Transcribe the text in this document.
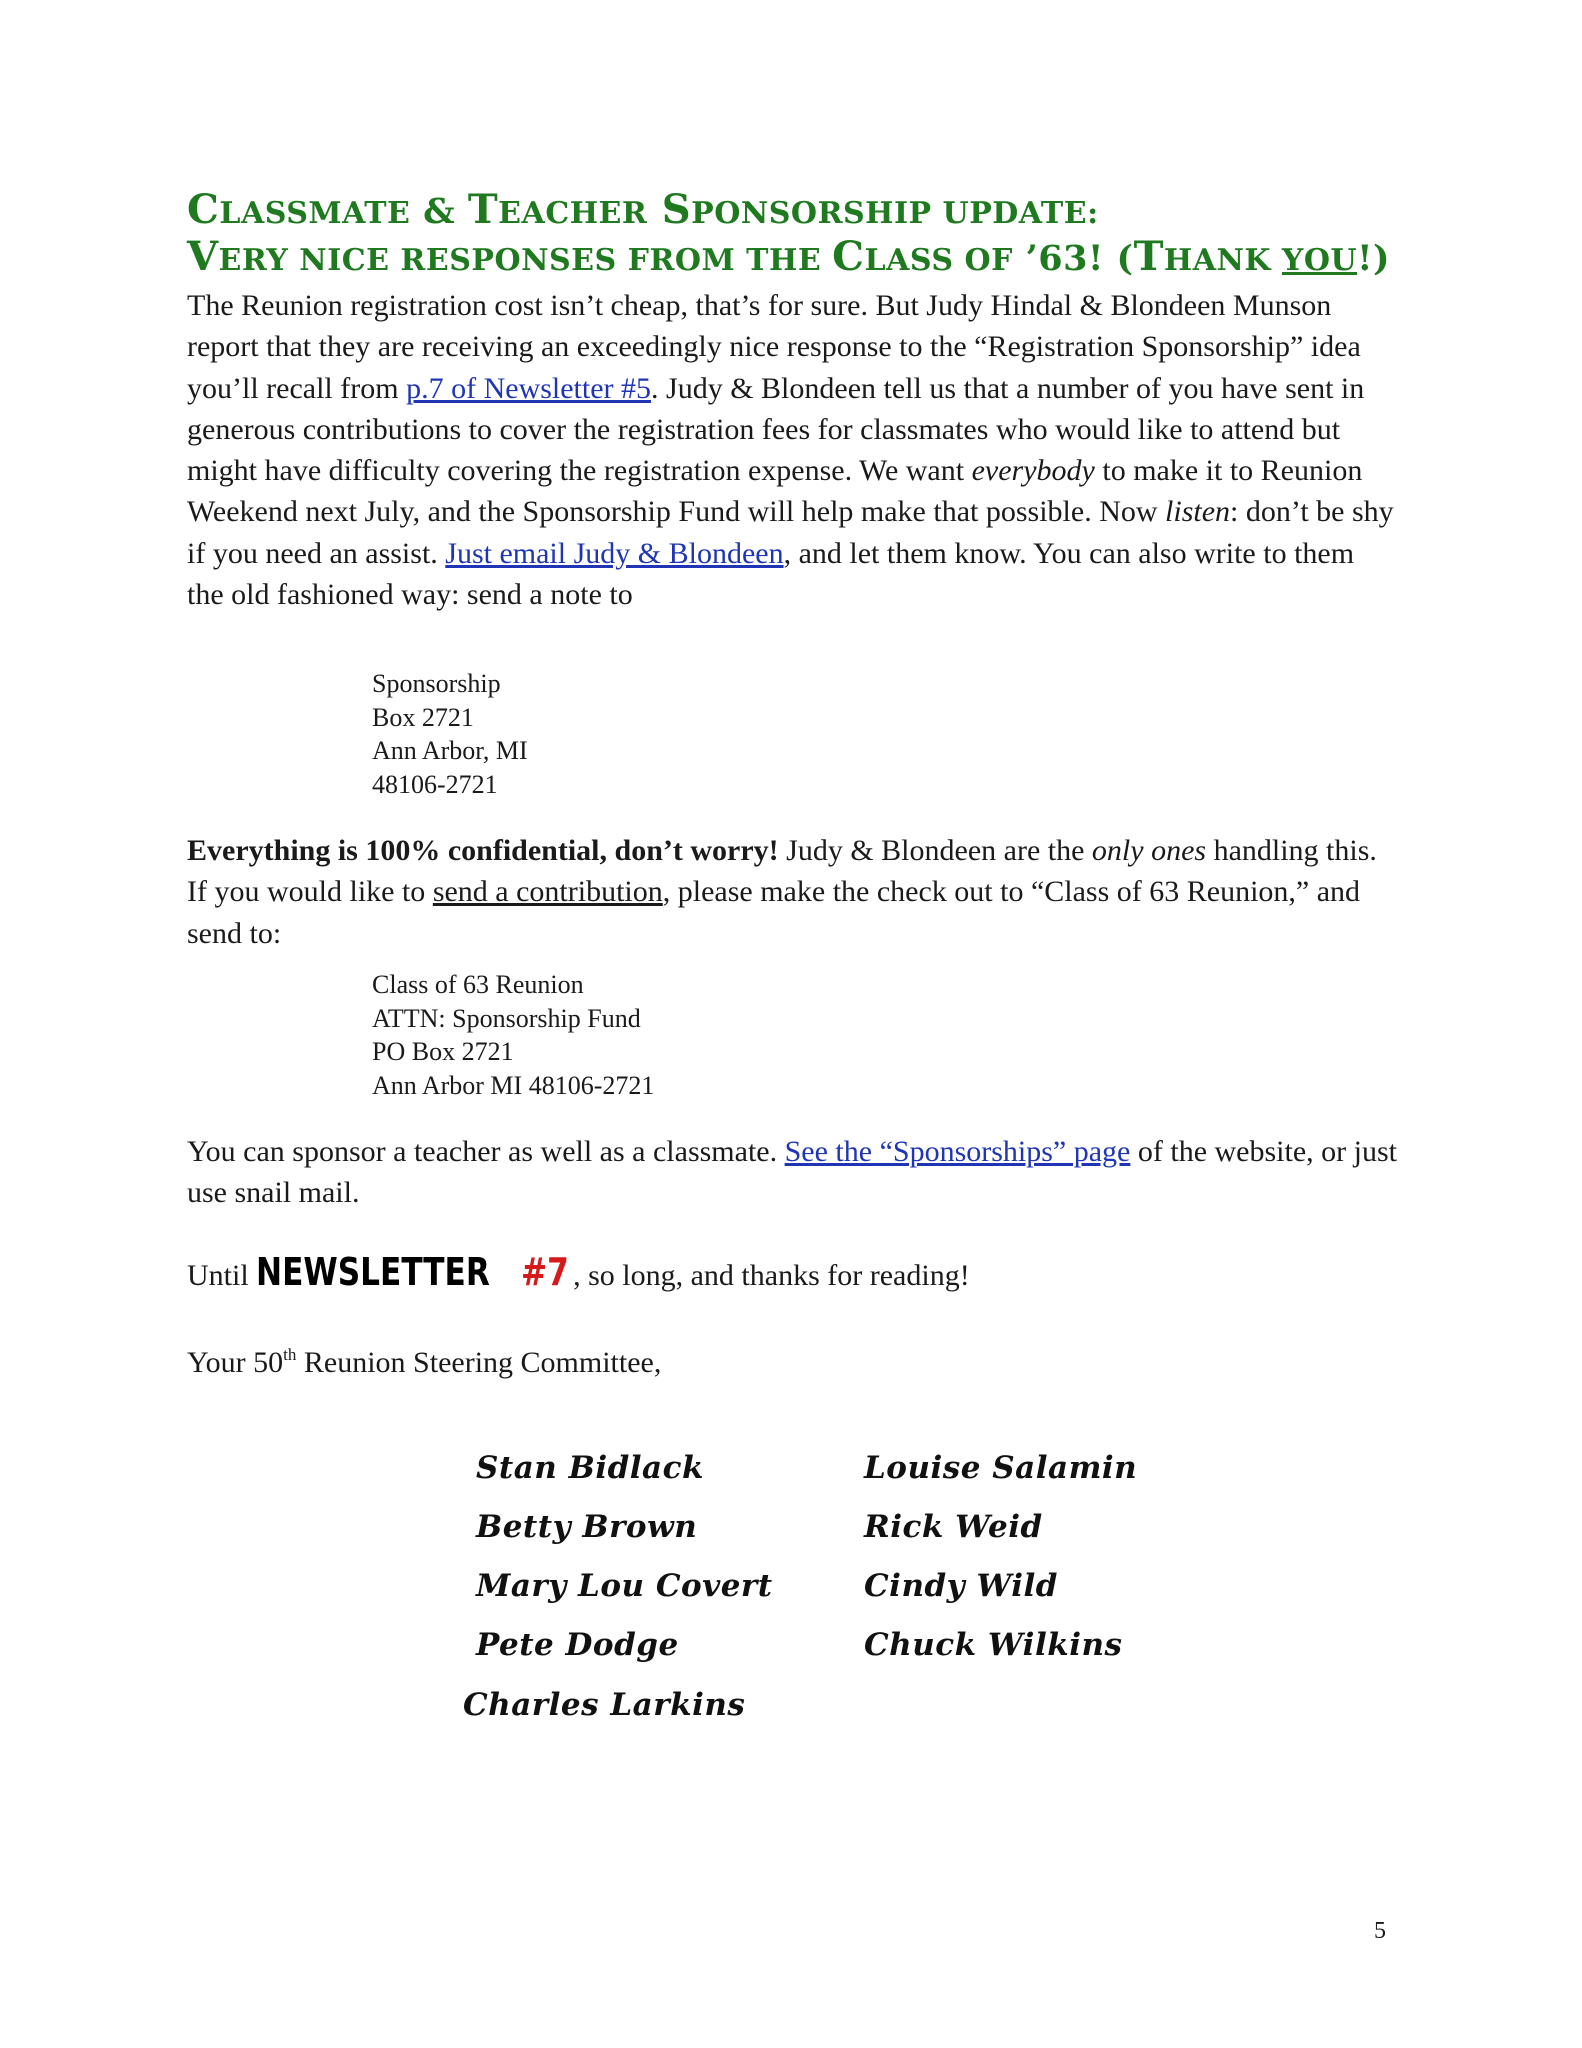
CLASSMATE & TEACHER SPONSORSHIP UPDATE:
VERY NICE RESPONSES FROM THE CLASS OF ’63! (THANK YOU!)
The Reunion registration cost isn’t cheap, that’s for sure. But Judy Hindal & Blondeen Munson report that they are receiving an exceedingly nice response to the “Registration Sponsorship” idea you’ll recall from p.7 of Newsletter #5. Judy & Blondeen tell us that a number of you have sent in generous contributions to cover the registration fees for classmates who would like to attend but might have difficulty covering the registration expense. We want everybody to make it to Reunion Weekend next July, and the Sponsorship Fund will help make that possible. Now listen: don’t be shy if you need an assist. Just email Judy & Blondeen, and let them know. You can also write to them the old fashioned way: send a note to
Sponsorship
Box 2721
Ann Arbor, MI
48106-2721
Everything is 100% confidential, don’t worry! Judy & Blondeen are the only ones handling this. If you would like to send a contribution, please make the check out to “Class of 63 Reunion,” and send to:
Class of 63 Reunion
ATTN: Sponsorship Fund
PO Box 2721
Ann Arbor MI 48106-2721
You can sponsor a teacher as well as a classmate. See the “Sponsorships” page of the website, or just use snail mail.
Until NEWSLETTER #7 , so long, and thanks for reading!
Your 50th Reunion Steering Committee,
Stan Bidlack
Betty Brown
Mary Lou Covert
Pete Dodge
Charles Larkins
Louise Salamin
Rick Weid
Cindy Wild
Chuck Wilkins
5
